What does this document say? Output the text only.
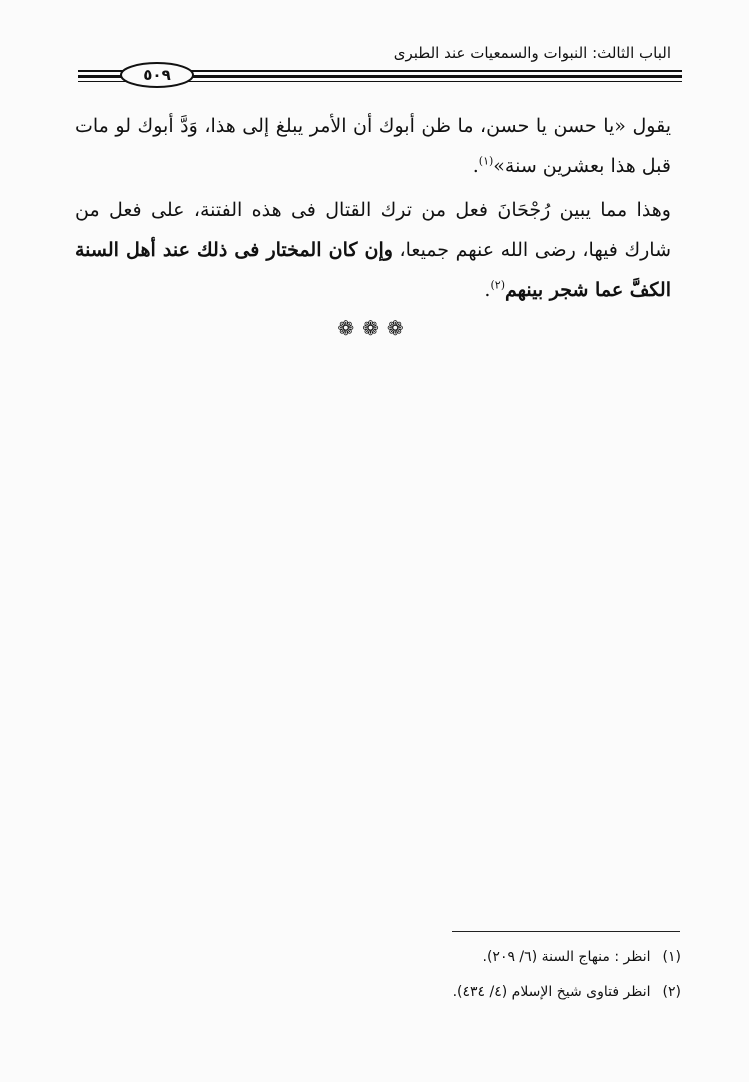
الباب الثالث: النبوات والسمعيات عند الطبرى
٥٠٩
يقول «يا حسن يا حسن، ما ظن أبوك أن الأمر يبلغ إلى هذا، وَدَّ أبوك لو مات قبل هذا بعشرين سنة»$^{(١)}$.
وهذا مما يبين رُجْحَانَ فعل من ترك القتال فى هذه الفتنة، على فعل من شارك فيها، رضى الله عنهم جميعا، وإن كان المختار فى ذلك عند أهل السنة الكفَّ عما شجر بينهم$^{(٢)}$.
❁❁❁
(١)انظر : منهاج السنة (٦/ ٢٠٩).
(٢)انظر فتاوى شيخ الإسلام (٤/ ٤٣٤).
